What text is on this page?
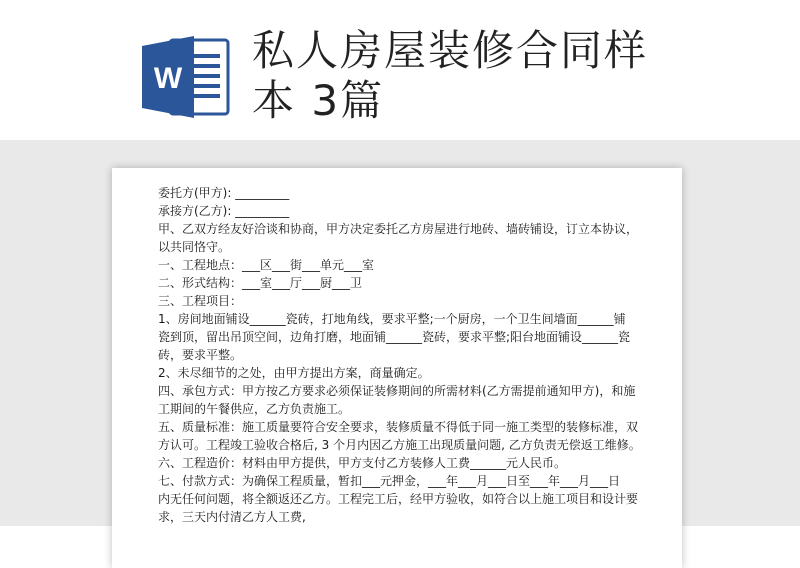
W
私人房屋装修合同样
本 3篇
委托方(甲方): _________
承接方(乙方): _________
甲、乙双方经友好洽谈和协商，甲方决定委托乙方房屋进行地砖、墙砖铺设，订立本协议，
以共同恪守。
一、工程地点：___区___街___单元___室
二、形式结构：___室___厅___厨___卫
三、工程项目：
1、房间地面铺设______瓷砖，打地角线，要求平整;一个厨房，一个卫生间墙面______铺
瓷到顶，留出吊顶空间，边角打磨，地面铺______瓷砖，要求平整;阳台地面铺设______瓷
砖，要求平整。
2、未尽细节的之处，由甲方提出方案，商量确定。
四、承包方式：甲方按乙方要求必须保证装修期间的所需材料(乙方需提前通知甲方)，和施
工期间的午餐供应，乙方负责施工。
五、质量标准：施工质量要符合安全要求，装修质量不得低于同一施工类型的装修标准，双
方认可。工程竣工验收合格后, 3 个月内因乙方施工出现质量问题, 乙方负责无偿返工维修。
六、工程造价：材料由甲方提供，甲方支付乙方装修人工费______元人民币。
七、付款方式：为确保工程质量，暂扣___元押金，___年___月___日至___年___月___日
内无任何问题，将全额返还乙方。工程完工后，经甲方验收，如符合以上施工项目和设计要
求，三天内付清乙方人工费,
